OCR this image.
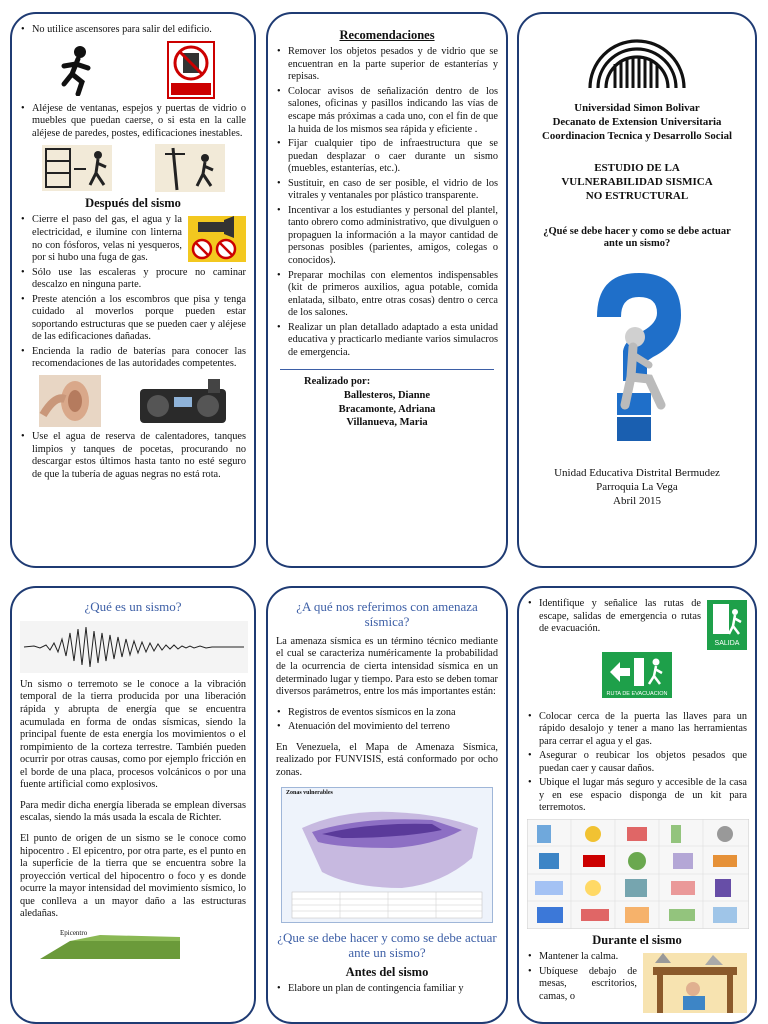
• No utilice ascensores para salir del edificio.
• Aléjese de ventanas, espejos y puertas de vidrio o muebles que puedan caerse, o si esta en la calle aléjese de paredes, postes, edificaciones inestables.
Después del sismo
• Cierre el paso del gas, el agua y la electricidad, e ilumine con linterna no con fósforos, velas ni yesqueros, por si hubo una fuga de gas.
• Sólo use las escaleras y procure no caminar descalzo en ninguna parte.
• Preste atención a los escombros que pisa y tenga cuidado al moverlos porque pueden estar soportando estructuras que se pueden caer y aléjese de las edificaciones dañadas.
• Encienda la radio de baterías para conocer las recomendaciones de las autoridades competentes.
• Use el agua de reserva de calentadores, tanques limpios y tanques de pocetas, procurando no descargar estos últimos hasta tanto no esté seguro de que la tubería de aguas negras no está rota.
Recomendaciones
• Remover los objetos pesados y de vidrio que se encuentran en la parte superior de estanterías y repisas.
• Colocar avisos de señalización dentro de los salones, oficinas y pasillos indicando las vías de escape más próximas a cada uno, con el fin de que la huida de los mismos sea rápida y eficiente .
• Fijar cualquier tipo de infraestructura que se puedan desplazar o caer durante un sismo (muebles, estanterías, etc.).
• Sustituir, en caso de ser posible, el vidrio de los vitrales y ventanales por plástico transparente.
• Incentivar a los estudiantes y personal del plantel, tanto obrero como administrativo, que divulguen o propaguen la información a la mayor cantidad de personas posibles (parientes, amigos, colegas o conocidos).
• Preparar mochilas con elementos indispensables (kit de primeros auxilios, agua potable, comida enlatada, silbato, entre otras cosas) dentro o cerca de los salones.
• Realizar un plan detallado adaptado a esta unidad educativa y practicarlo mediante varios simulacros de emergencia.
Realizado por:
Ballesteros, Dianne
Bracamonte, Adriana
Villanueva, Maria
Universidad Simon Bolivar
Decanato de Extension Universitaria
Coordinacion Tecnica y Desarrollo Social
ESTUDIO DE LA
VULNERABILIDAD SISMICA
NO ESTRUCTURAL
¿Qué se debe hacer y como se debe actuar ante un sismo?
Unidad Educativa Distrital Bermudez
Parroquia La Vega
Abril 2015
¿Qué es un sismo?

Un sismo o terremoto se le conoce a la vibración temporal de la tierra producida por una liberación rápida y abrupta de energía que se encuentra acumulada en forma de ondas sísmicas, siendo la principal fuente de esta energía los movimientos o el rompimiento de la corteza terrestre. También pueden ocurrir por otras causas, como por ejemplo fricción en el borde de una placa, procesos volcánicos o por una fuente artificial como explosivos.

Para medir dicha energía liberada se emplean diversas escalas, siendo la más usada la escala de Richter.

El punto de origen de un sismo se le conoce como hipocentro . El epicentro, por otra parte, es el punto en la superficie de la tierra que se encuentra sobre la proyección vertical del hipocentro o foco y es donde ocurre la mayor intensidad del movimiento sísmico, lo que conlleva a un mayor daño a las estructuras aledañas.

Epicentro
¿A qué nos referimos con amenaza sísmica?

La amenaza sísmica es un término técnico mediante el cual se caracteriza numéricamente la probabilidad de la ocurrencia de cierta intensidad sísmica en un determinado lugar y tiempo. Para esto se deben tomar diversos parámetros, entre los más importantes están:

• Registros de eventos sísmicos en la zona
• Atenuación del movimiento del terreno

En Venezuela, el Mapa de Amenaza Sísmica, realizado por FUNVISIS, está conformado por ocho zonas.

Zonas vulnerables
¿Que se debe hacer y como se debe actuar ante un sismo?
Antes del sismo
• Elabore un plan de contingencia familiar y
SALIDA
• Identifique y señalice las rutas de escape, salidas de emergencia o rutas de evacuación.
RUTA DE EVACUACION
• Colocar cerca de la puerta las llaves para un rápido desalojo y tener a mano las herramientas para cerrar el agua y el gas.
• Asegurar o reubicar los objetos pesados que puedan caer y causar daños.
• Ubique el lugar más seguro y accesible de la casa y en ese espacio disponga de un kit para terremotos.
Durante el sismo
• Mantener la calma.
• Ubíquese debajo de mesas, escritorios, camas, o
